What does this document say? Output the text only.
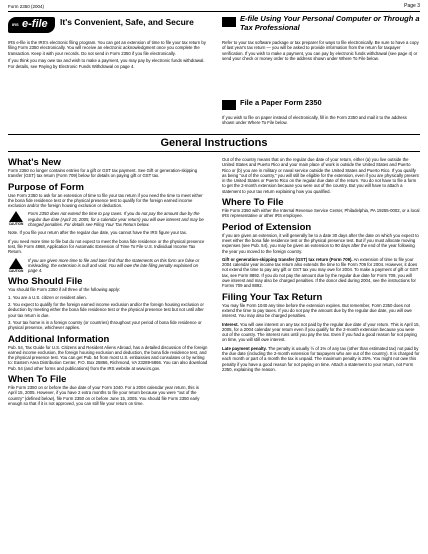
Form 2350 (2004)	Page 3
IRS e-file It's Convenient, Safe, and Secure

IRS e-file is the IRS's electronic filing program. You can get an extension of time to file your tax return by filing Form 2350 electronically. You will receive an electronic acknowledgment once you complete the transaction. Keep it with your records. Do not send in Form 2350 if you file electronically.

If you think you may owe tax and wish to make a payment, you may pay by electronic funds withdrawal. For details, see Paying by Electronic Funds Withdrawal on page 4.

E-file Using Your Personal Computer or Through a Tax Professional
Refer to your tax software package or tax preparer for ways to file electronically. Be sure to have a copy of last year's tax return — you will be asked to provide information from the return for taxpayer verification. If you wish to make a payment, you can pay by electronic funds withdrawal (see page 4) or send your check or money order to the address shown under Where To File below.
File a Paper Form 2350
If you wish to file on paper instead of electronically, fill in the Form 2350 and mail it to the address shown under Where To File below.
General Instructions
What's New
Form 2350 no longer contains entries for a gift or GST tax payment. See Gift or generation-skipping transfer (GST) tax return (Form 709) below for details on paying gift or GST tax.
Purpose of Form
Use Form 2350 to ask for an extension of time to file your tax return if you need the time to meet either the bona fide residence test or the physical presence test to qualify for the foreign earned income exclusion and/or the foreign housing exclusion or deduction.
CAUTION
Form 2350 does not extend the time to pay taxes. If you do not pay the amount due by the regular due date (April 15, 2005, for a calendar year return) you will owe interest and may be charged penalties. For details see Filing Your Tax Return below.
Note. If you file your return after the regular due date, you cannot have the IRS figure your tax.
If you need more time to file but do not expect to meet the bona fide residence or the physical presence test, file Form 4868, Application for Automatic Extension of Time To File U.S. Individual Income Tax Return.
CAUTION
If you are given more time to file and later find that the statements on this form are false or misleading, the extension is null and void. You will owe the late filing penalty explained on page 4.
Who Should File
You should file Form 2350 if all three of the following apply:
1. You are a U.S. citizen or resident alien.
2. You expect to qualify for the foreign earned income exclusion and/or the foreign housing exclusion or deduction by meeting either the bona fide residence test or the physical presence test but not until after your tax return is due.
3. Your tax home is in a foreign country (or countries) throughout your period of bona fide residence or physical presence, whichever applies.
Additional Information
Pub. 54, Tax Guide for U.S. Citizens and Resident Aliens Abroad, has a detailed discussion of the foreign earned income exclusion, the foreign housing exclusion and deduction, the bona fide residence test, and the physical presence test. You can get Pub. 54 from most U.S. embassies and consulates or by writing to: Eastern Area Distribution Center, P.O. Box 25866, Richmond, VA 23289-5866. You can also download Pub. 54 (and other forms and publications) from the IRS website at www.irs.gov.
When To File
File Form 2350 on or before the due date of your Form 1040. For a 2004 calendar year return, this is April 15, 2005. However, if you have 2 extra months to file your return because you were "out of the country" (defined below), file Form 2350 on or before June 15, 2005. You should file Form 2350 early enough so that if it is not approved, you can still file your return on time.
Out of the country means that on the regular due date of your return, either (a) you live outside the United States and Puerto Rico and your main place of work is outside the United States and Puerto Rico or (b) you are in military or naval service outside the United States and Puerto Rico. If you qualify as being "out of the country," you will still be eligible for the extension, even if you are physically present in the United States or Puerto Rico on the regular due date of the return. You do not have to file a form to get the 2-month extension because you were out of the country. But you will have to attach a statement to your tax return explaining how you qualified.
Where To File
File Form 2350 with either the Internal Revenue Service Center, Philadelphia, PA 19255-0002, or a local IRS representative or other IRS employee.
Period of Extension
If you are given an extension, it will generally be to a date 30 days after the date on which you expect to meet either the bona fide residence test or the physical presence test. But if you must allocate moving expenses (see Pub. 54), you may be given an extension to 90 days after the end of the year following the year you moved to the foreign country.
Gift or generation-skipping transfer (GST) tax return (Form 709). An extension of time to file your 2004 calendar year income tax return also extends the time to file Form 709 for 2004. However, it does not extend the time to pay any gift or GST tax you may owe for 2004. To make a payment of gift or GST tax, see Form 8892. If you do not pay the amount due by the regular due date for Form 709, you will owe interest and may also be charged penalties. If the donor died during 2004, see the instructions for Forms 709 and 8892.
Filing Your Tax Return
You may file Form 1040 any time before the extension expires. But remember, Form 2350 does not extend the time to pay taxes. If you do not pay the amount due by the regular due date, you will owe interest. You may also be charged penalties.
Interest. You will owe interest on any tax not paid by the regular due date of your return. This is April 15, 2005, for a 2004 calendar year return even if you qualify for the 2-month extension because you were out of the country. The interest runs until you pay the tax. Even if you had a good reason for not paying on time, you will still owe interest.
Late payment penalty. The penalty is usually ½ of 1% of any tax (other than estimated tax) not paid by the due date (including the 2-month extension for taxpayers who are out of the country). It is charged for each month or part of a month the tax is unpaid. The maximum penalty is 25%. You might not owe this penalty if you have a good reason for not paying on time. Attach a statement to your return, not Form 2350, explaining the reason.
